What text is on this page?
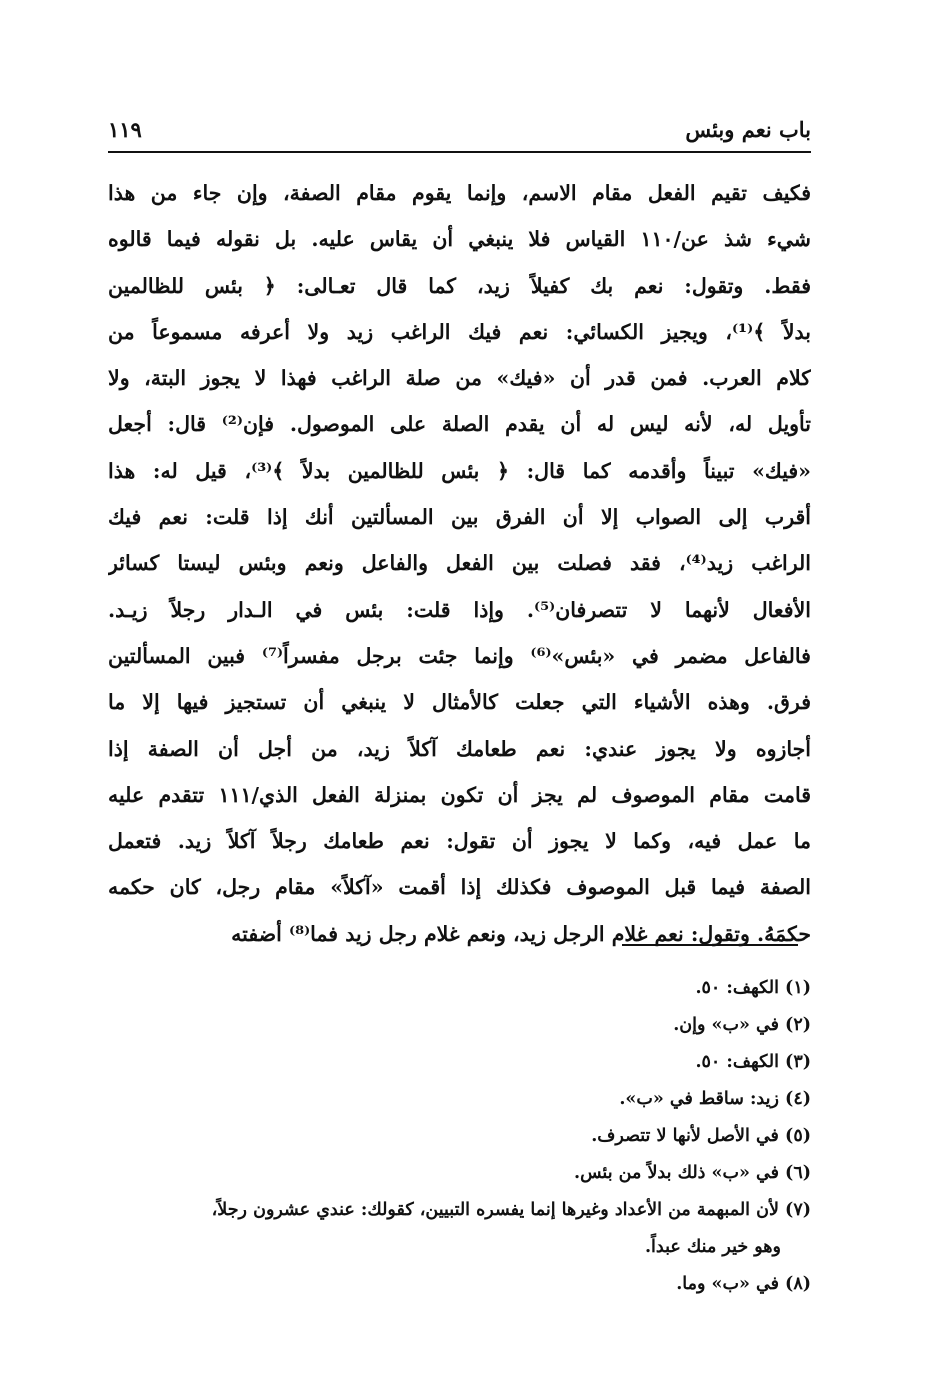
باب نعم وبئس
١١٩
فكيف تقيم الفعل مقام الاسم، وإنما يقوم مقام الصفة، وإن جاء من هذا
شيء شذ عن/١١٠ القياس فلا ينبغي أن يقاس عليه. بل نقوله فيما قالوه
فقط. وتقول: نعم بك كفيلاً زيد، كما قال تعـالى: ﴿ بئس للظالمين
بدلاً ﴾⁽¹⁾، ويجيز الكسائي: نعم فيك الراغب زيد ولا أعرفه مسموعاً من
كلام العرب. فمن قدر أن «فيك» من صلة الراغب فهذا لا يجوز البتة، ولا
تأويل له، لأنه ليس له أن يقدم الصلة على الموصول. فإن⁽²⁾ قال: أجعل
«فيك» تبيناً وأقدمه كما قال: ﴿ بئس للظالمين بدلاً ﴾⁽³⁾، قيل له: هذا
أقرب إلى الصواب إلا أن الفرق بين المسألتين أنك إذا قلت: نعم فيك
الراغب زيد⁽⁴⁾، فقد فصلت بين الفعل والفاعل ونعم وبئس ليستا كسائر
الأفعال لأنهما لا تتصرفان⁽⁵⁾. وإذا قلت: بئس في الـدار رجلاً زيـد.
فالفاعل مضمر في «بئس»⁽⁶⁾ وإنما جئت برجل مفسراً⁽⁷⁾ فبين المسألتين
فرق. وهذه الأشياء التي جعلت كالأمثال لا ينبغي أن تستجيز فيها إلا ما
أجازوه ولا يجوز عندي: نعم طعامك آكلاً زيد، من أجل أن الصفة إذا
قامت مقام الموصوف لم يجز أن تكون بمنزلة الفعل الذي/١١١ تتقدم عليه
ما عمل فيه، وكما لا يجوز أن تقول: نعم طعامك رجلاً آكلاً زيد. فتعمل
الصفة فيما قبل الموصوف فكذلك إذا أقمت «آكلاً» مقام رجل، كان حكمه
حكمَهُ. وتقول: نعم غلام الرجل زيد، ونعم غلام رجل زيد فما⁽⁸⁾ أضفته
(١) الكهف: ٥٠.
(٢) في «ب» وإن.
(٣) الكهف: ٥٠.
(٤) زيد: ساقط في «ب».
(٥) في الأصل لأنها لا تتصرف.
(٦) في «ب» ذلك بدلاً من بئس.
(٧) لأن المبهمة من الأعداد وغيرها إنما يفسره التبيين، كقولك: عندي عشرون رجلاً،
وهو خير منك عبداً.
(٨) في «ب» وما.
